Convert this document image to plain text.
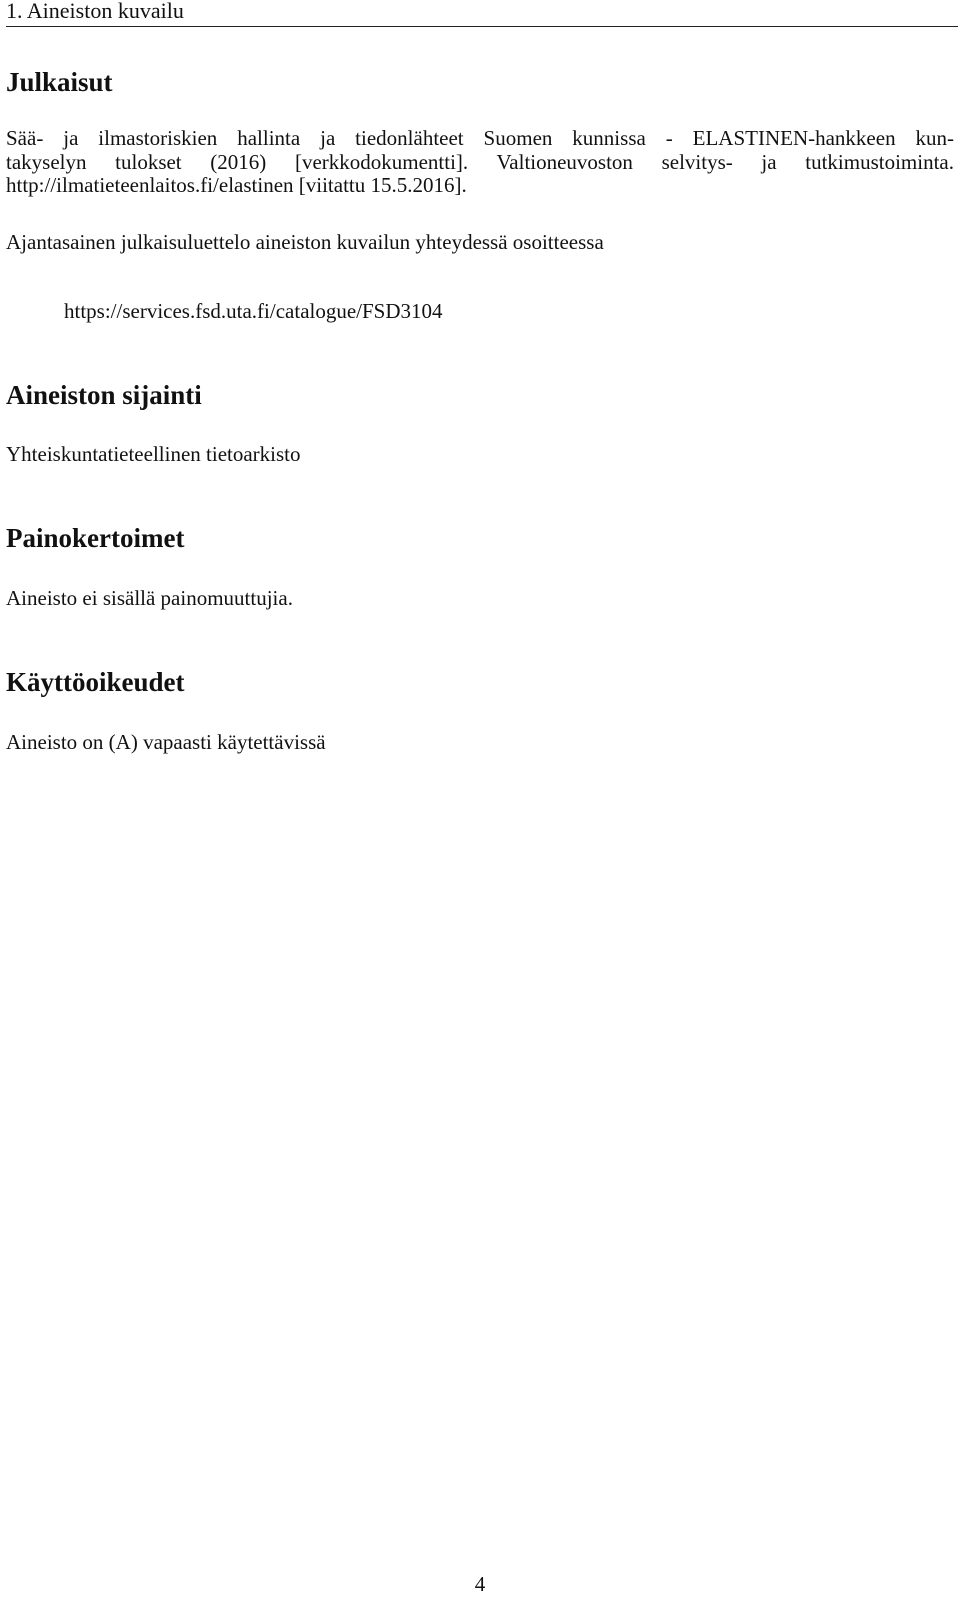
1. Aineiston kuvailu
Julkaisut

Sää- ja ilmastoriskien hallinta ja tiedonlähteet Suomen kunnissa - ELASTINEN-hankkeen kun-
takyselyn tulokset (2016) [verkkodokumentti]. Valtioneuvoston selvitys- ja tutkimustoiminta.
http://ilmatieteenlaitos.fi/elastinen [viitattu 15.5.2016].

Ajantasainen julkaisuluettelo aineiston kuvailun yhteydessä osoitteessa

https://services.fsd.uta.fi/catalogue/FSD3104
Aineiston sijainti

Yhteiskuntatieteellinen tietoarkisto

Painokertoimet

Aineisto ei sisällä painomuuttujia.

Käyttöoikeudet

Aineisto on (A) vapaasti käytettävissä

4
